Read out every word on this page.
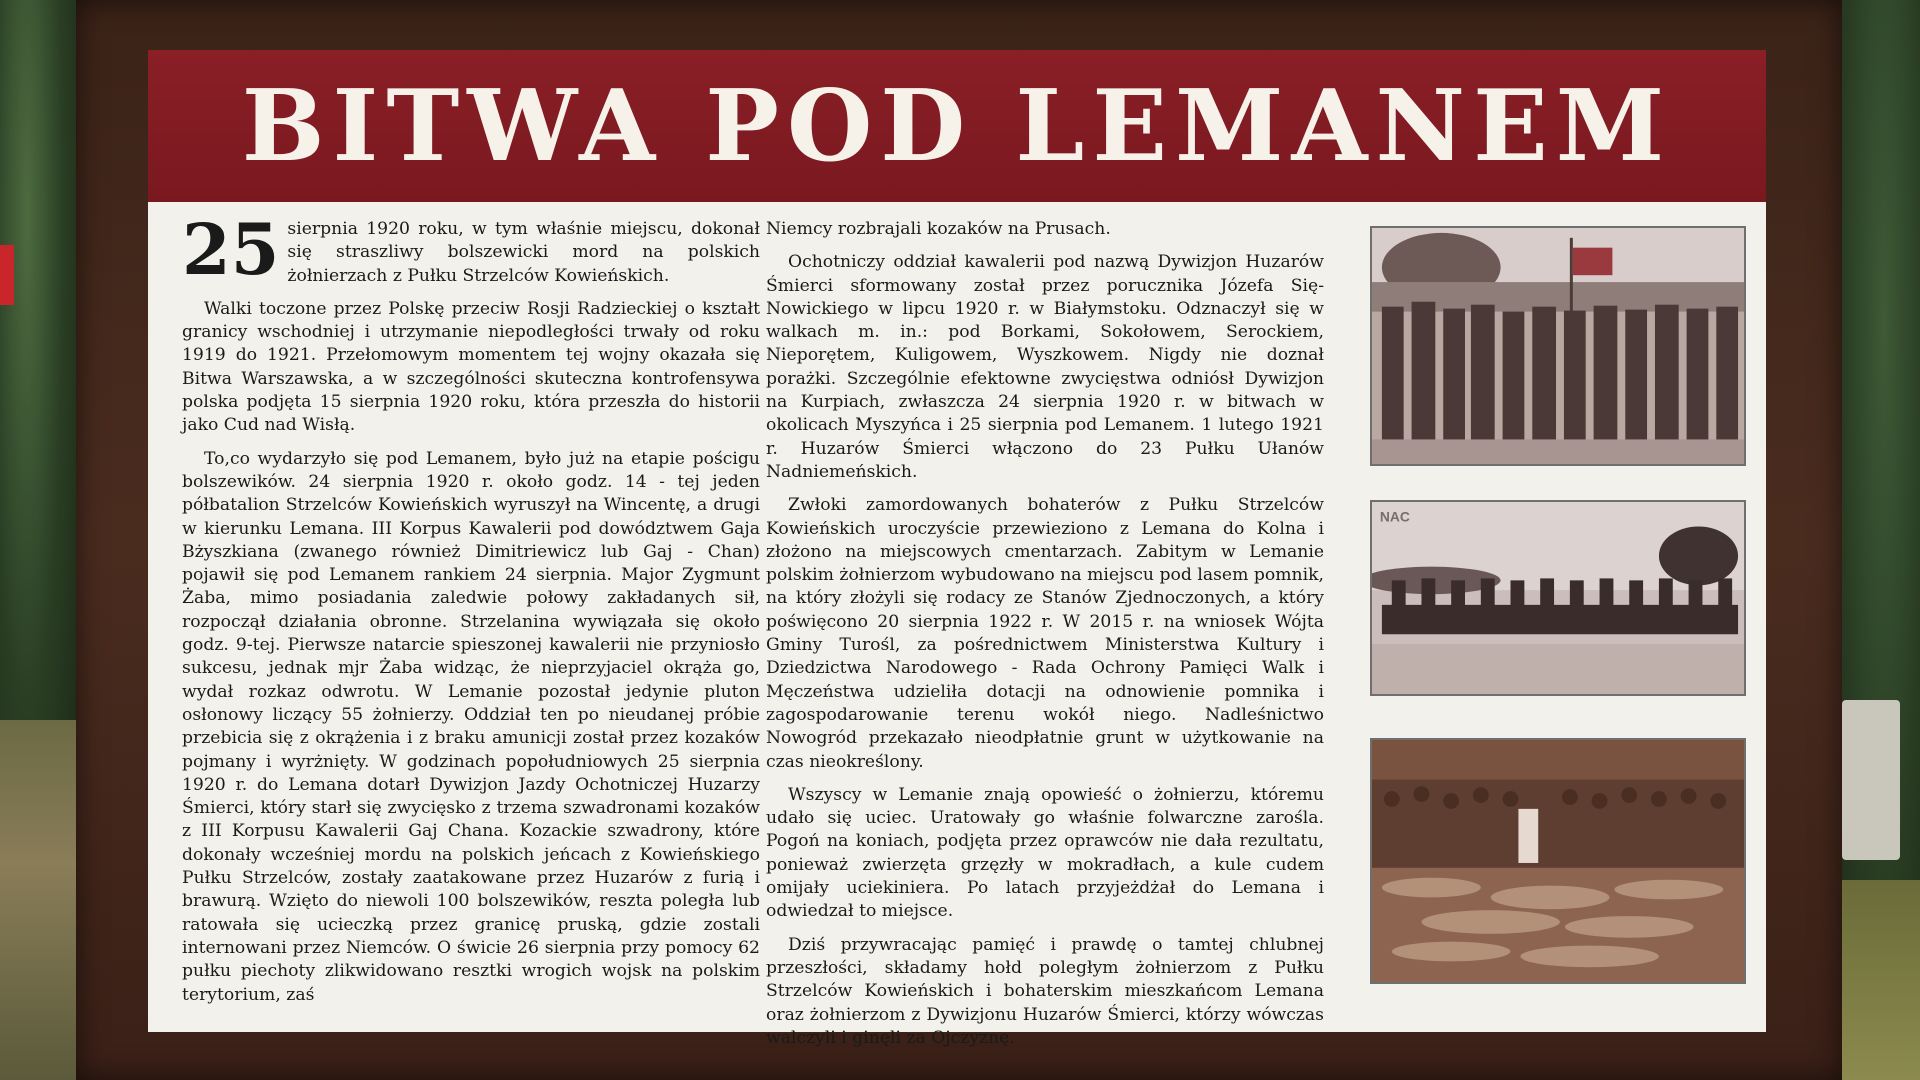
BITWA POD LEMANEM

25 sierpnia 1920 roku, w tym właśnie miejscu, dokonał się straszliwy bolszewicki mord na polskich żołnierzach z Pułku Strzelców Kowieńskich.

Walki toczone przez Polskę przeciw Rosji Radzieckiej o kształt granicy wschodniej i utrzymanie niepodległości trwały od roku 1919 do 1921. Przełomowym momentem tej wojny okazała się Bitwa Warszawska, a w szczególności skuteczna kontrofensywa polska podjęta 15 sierpnia 1920 roku, która przeszła do historii jako Cud nad Wisłą.

To,co wydarzyło się pod Lemanem, było już na etapie pościgu bolszewików. 24 sierpnia 1920 r. około godz. 14 - tej jeden półbatalion Strzelców Kowieńskich wyruszył na Wincentę, a drugi w kierunku Lemana. III Korpus Kawalerii pod dowództwem Gaja Bżyszkiana (zwanego również Dimitriewicz lub Gaj - Chan) pojawił się pod Lemanem rankiem 24 sierpnia. Major Zygmunt Żaba, mimo posiadania zaledwie połowy zakładanych sił, rozpoczął działania obronne. Strzelanina wywiązała się około godz. 9-tej. Pierwsze natarcie spieszonej kawalerii nie przyniosło sukcesu, jednak mjr Żaba widząc, że nieprzyjaciel okrąża go, wydał rozkaz odwrotu. W Lemanie pozostał jedynie pluton osłonowy liczący 55 żołnierzy. Oddział ten po nieudanej próbie przebicia się z okrążenia i z braku amunicji został przez kozaków pojmany i wyrżnięty. W godzinach popołudniowych 25 sierpnia 1920 r. do Lemana dotarł Dywizjon Jazdy Ochotniczej Huzarzy Śmierci, który starł się zwycięsko z trzema szwadronami kozaków z III Korpusu Kawalerii Gaj Chana. Kozackie szwadrony, które dokonały wcześniej mordu na polskich jeńcach z Kowieńskiego Pułku Strzelców, zostały zaatakowane przez Huzarów z furią i brawurą. Wzięto do niewoli 100 bolszewików, reszta poległa lub ratowała się ucieczką przez granicę pruską, gdzie zostali internowani przez Niemców. O świcie 26 sierpnia przy pomocy 62 pułku piechoty zlikwidowano resztki wrogich wojsk na polskim terytorium, zaś

Niemcy rozbrajali kozaków na Prusach.

Ochotniczy oddział kawalerii pod nazwą Dywizjon Huzarów Śmierci sformowany został przez porucznika Józefa Się-Nowickiego w lipcu 1920 r. w Białymstoku. Odznaczył się w walkach m. in.: pod Borkami, Sokołowem, Serockiem, Nieporętem, Kuligowem, Wyszkowem. Nigdy nie doznał porażki. Szczególnie efektowne zwycięstwa odniósł Dywizjon na Kurpiach, zwłaszcza 24 sierpnia 1920 r. w bitwach w okolicach Myszyńca i 25 sierpnia pod Lemanem. 1 lutego 1921 r. Huzarów Śmierci włączono do 23 Pułku Ułanów Nadniemeńskich.

Zwłoki zamordowanych bohaterów z Pułku Strzelców Kowieńskich uroczyście przewieziono z Lemana do Kolna i złożono na miejscowych cmentarzach. Zabitym w Lemanie polskim żołnierzom wybudowano na miejscu pod lasem pomnik, na który złożyli się rodacy ze Stanów Zjednoczonych, a który poświęcono 20 sierpnia 1922 r. W 2015 r. na wniosek Wójta Gminy Turośl, za pośrednictwem Ministerstwa Kultury i Dziedzictwa Narodowego - Rada Ochrony Pamięci Walk i Męczeństwa udzieliła dotacji na odnowienie pomnika i zagospodarowanie terenu wokół niego. Nadleśnictwo Nowogród przekazało nieodpłatnie grunt w użytkowanie na czas nieokreślony.

Wszyscy w Lemanie znają opowieść o żołnierzu, któremu udało się uciec. Uratowały go właśnie folwarczne zarośla. Pogoń na koniach, podjęta przez oprawców nie dała rezultatu, ponieważ zwierzęta grzęzły w mokradłach, a kule cudem omijały uciekiniera. Po latach przyjeżdżał do Lemana i odwiedzał to miejsce.

Dziś przywracając pamięć i prawdę o tamtej chlubnej przeszłości, składamy hołd poległym żołnierzom z Pułku Strzelców Kowieńskich i bohaterskim mieszkańcom Lemana oraz żołnierzom z Dywizjonu Huzarów Śmierci, którzy wówczas walczyli i ginęli za Ojczyznę.

NAC
